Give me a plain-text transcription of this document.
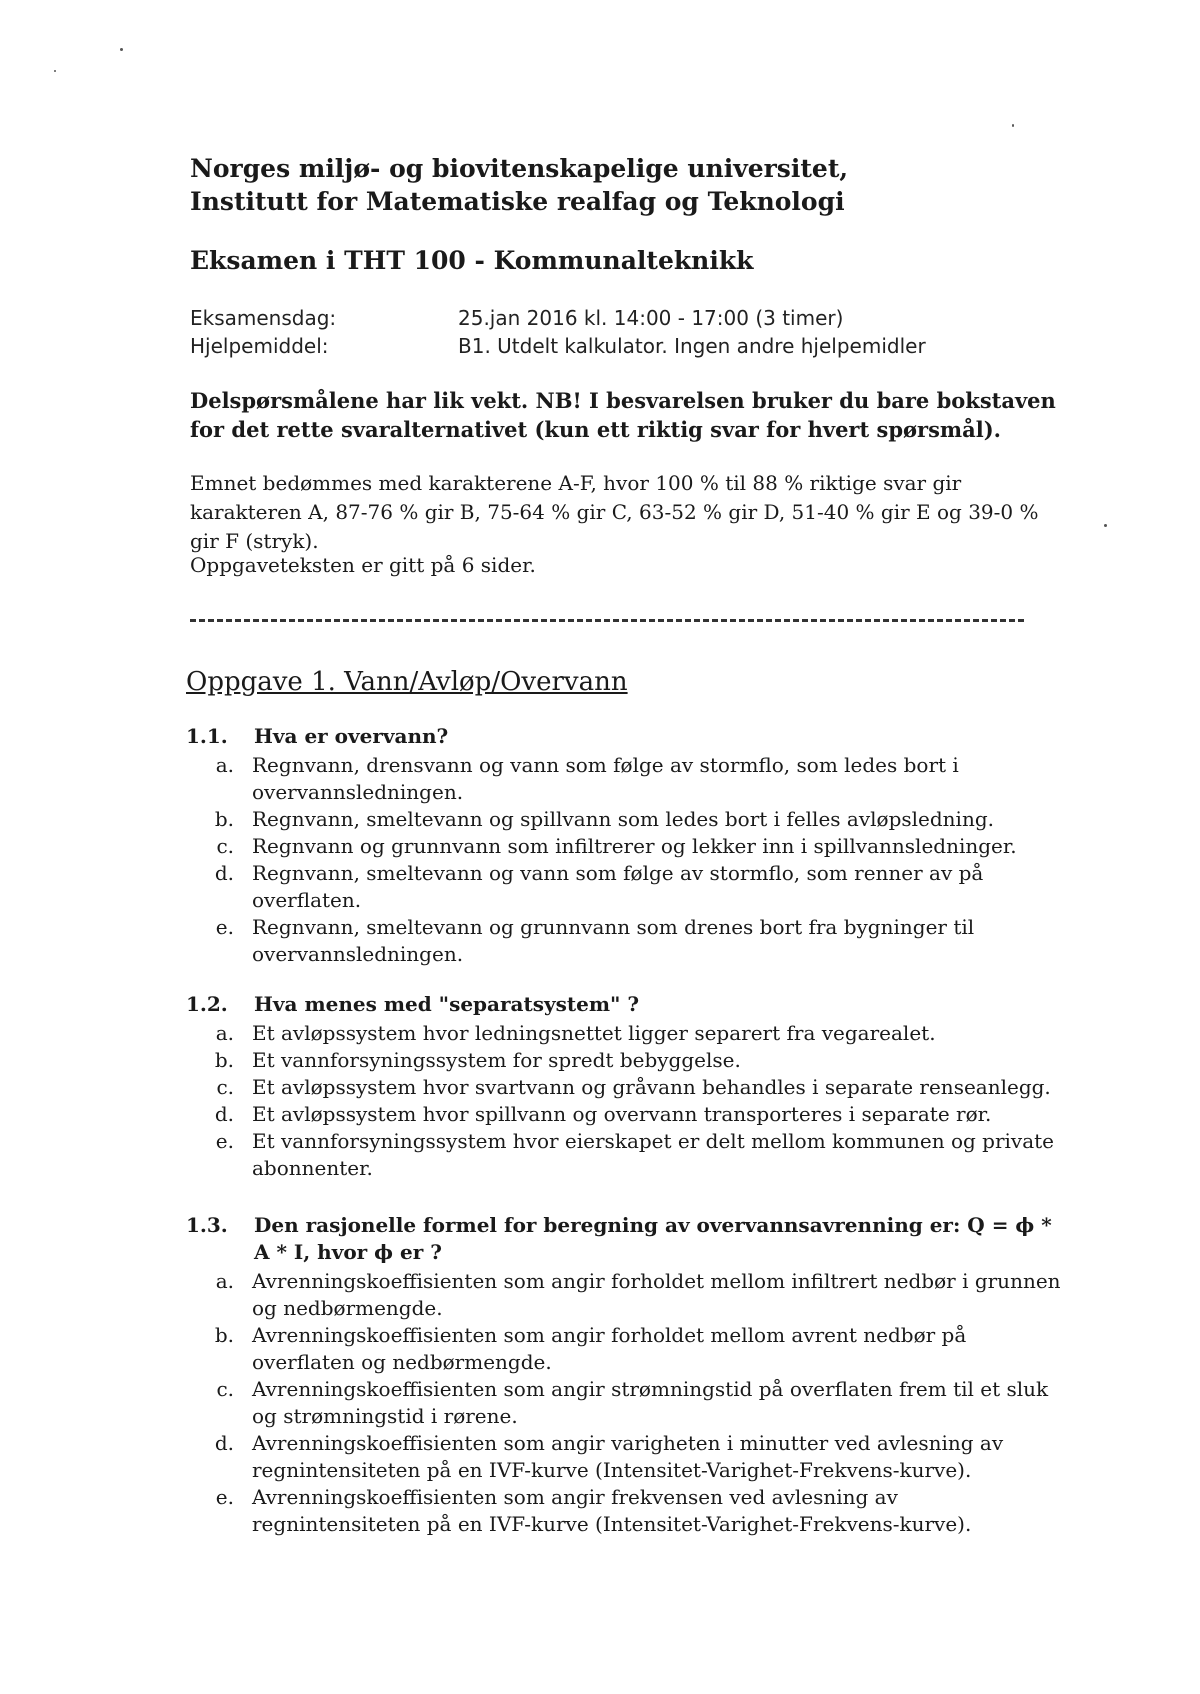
Norges miljø- og biovitenskapelige universitet,
Institutt for Matematiske realfag og Teknologi
Eksamen i THT 100 - Kommunalteknikk
Eksamensdag:	25.jan 2016 kl. 14:00 - 17:00 (3 timer)
Hjelpemiddel:	B1. Utdelt kalkulator. Ingen andre hjelpemidler
Delspørsmålene har lik vekt. NB! I besvarelsen bruker du bare bokstaven for det rette svaralternativet (kun ett riktig svar for hvert spørsmål).
Emnet bedømmes med karakterene A-F, hvor 100 % til 88 % riktige svar gir karakteren A, 87-76 % gir B, 75-64 % gir C, 63-52 % gir D, 51-40 % gir E og 39-0 % gir F (stryk).
Oppgaveteksten er gitt på 6 sider.
Oppgave 1. Vann/Avløp/Overvann
1.1.	Hva er overvann?
a. Regnvann, drensvann og vann som følge av stormflo, som ledes bort i overvannsledningen.
b. Regnvann, smeltevann og spillvann som ledes bort i felles avløpsledning.
c. Regnvann og grunnvann som infiltrerer og lekker inn i spillvannsledninger.
d. Regnvann, smeltevann og vann som følge av stormflo, som renner av på overflaten.
e. Regnvann, smeltevann og grunnvann som drenes bort fra bygninger til overvannsledningen.
1.2.	Hva menes med "separatsystem" ?
a. Et avløpssystem hvor ledningsnettet ligger separert fra vegarealet.
b. Et vannforsyningssystem for spredt bebyggelse.
c. Et avløpssystem hvor svartvann og gråvann behandles i separate renseanlegg.
d. Et avløpssystem hvor spillvann og overvann transporteres i separate rør.
e. Et vannforsyningssystem hvor eierskapet er delt mellom kommunen og private abonnenter.
1.3.	Den rasjonelle formel for beregning av overvannsavrenning er: Q = ϕ * A * I, hvor ϕ er ?
a. Avrenningskoeffisienten som angir forholdet mellom infiltrert nedbør i grunnen og nedbørmengde.
b. Avrenningskoeffisienten som angir forholdet mellom avrent nedbør på overflaten og nedbørmengde.
c. Avrenningskoeffisienten som angir strømningstid på overflaten frem til et sluk og strømningstid i rørene.
d. Avrenningskoeffisienten som angir varigheten i minutter ved avlesning av regnintensiteten på en IVF-kurve (Intensitet-Varighet-Frekvens-kurve).
e. Avrenningskoeffisienten som angir frekvensen ved avlesning av regnintensiteten på en IVF-kurve (Intensitet-Varighet-Frekvens-kurve).
